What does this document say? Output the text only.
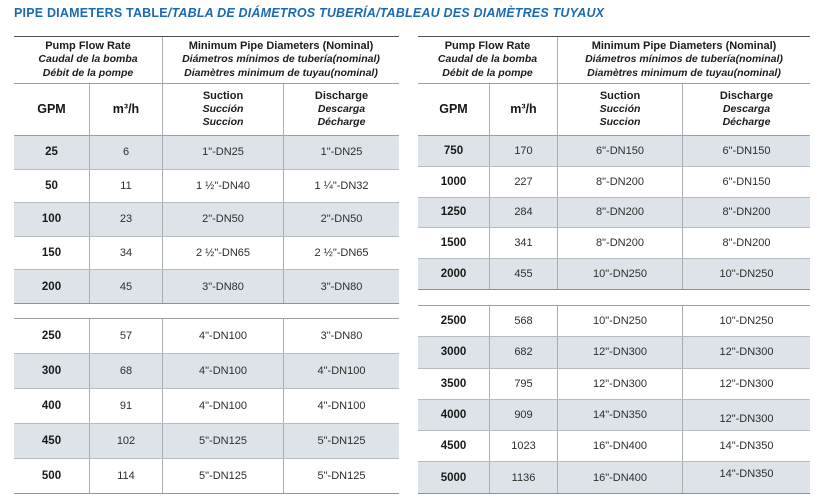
PIPE DIAMETERS TABLE/TABLA DE DIÁMETROS TUBERÍA/TABLEAU DES DIAMÈTRES TUYAUX
Pump Flow Rate
Caudal de la bomba
Débit de la pompe
Minimum Pipe Diameters (Nominal)
Diámetros mínimos de tubería(nominal)
Diamètres minimum de tuyau(nominal)
GPM	m³/h
Suction
Succión
Succion
Discharge
Descarga
Décharge
25	6	1"-DN25	1"-DN25
50	11	1 ½"-DN40	1 ¼"-DN32
100	23	2"-DN50	2"-DN50
150	34	2 ½"-DN65	2 ½"-DN65
200	45	3"-DN80	3"-DN80
250	57	4"-DN100	3"-DN80
300	68	4"-DN100	4"-DN100
400	91	4"-DN100	4"-DN100
450	102	5"-DN125	5"-DN125
500	114	5"-DN125	5"-DN125
Pump Flow Rate
Caudal de la bomba
Débit de la pompe
Minimum Pipe Diameters (Nominal)
Diámetros mínimos de tubería(nominal)
Diamètres minimum de tuyau(nominal)
GPM	m³/h
Suction
Succión
Succion
Discharge
Descarga
Décharge
750	170	6"-DN150	6"-DN150
1000	227	8"-DN200	6"-DN150
1250	284	8"-DN200	8"-DN200
1500	341	8"-DN200	8"-DN200
2000	455	10"-DN250	10"-DN250
2500	568	10"-DN250	10"-DN250
3000	682	12"-DN300	12"-DN300
3500	795	12"-DN300	12"-DN300
4000	909	14"-DN350	12"-DN300
4500	1023	16"-DN400	14"-DN350
5000	1136	16"-DN400	14"-DN350
